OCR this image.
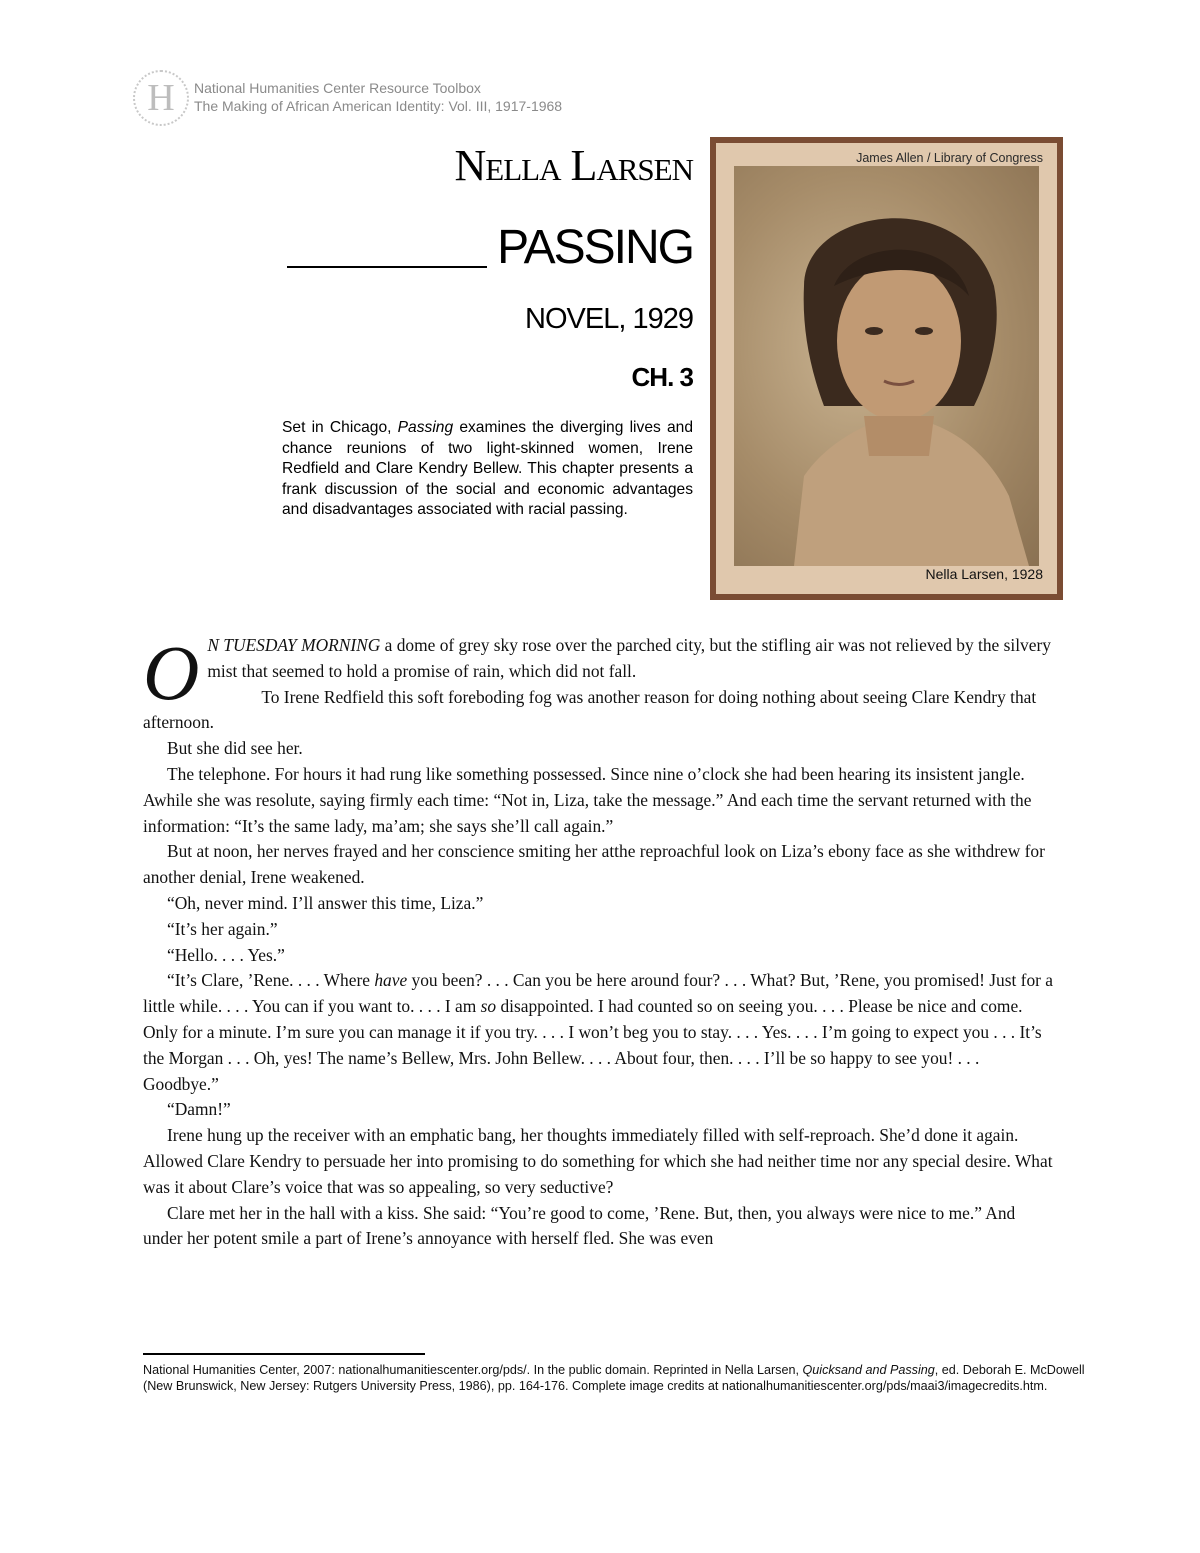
H	National Humanities Center Resource Toolbox
The Making of African American Identity: Vol. III, 1917-1968
Nella Larsen
PASSING
NOVEL, 1929
CH. 3
Set in Chicago, Passing examines the diverging lives and chance reunions of two light-skinned women, Irene Redfield and Clare Kendry Bellew. This chapter presents a frank discussion of the social and economic advantages and disadvantages associated with racial passing.
James Allen / Library of Congress
Nella Larsen, 1928
O N TUESDAY MORNING a dome of grey sky rose over the parched city, but the stifling air was not relieved by the silvery mist that seemed to hold a promise of rain, which did not fall.
To Irene Redfield this soft foreboding fog was another reason for doing nothing about seeing Clare Kendry that afternoon.

But she did see her.

The telephone. For hours it had rung like something possessed. Since nine o’clock she had been hearing its insistent jangle. Awhile she was resolute, saying firmly each time: “Not in, Liza, take the message.” And each time the servant returned with the information: “It’s the same lady, ma’am; she says she’ll call again.”

But at noon, her nerves frayed and her conscience smiting her atthe reproachful look on Liza’s ebony face as she withdrew for another denial, Irene weakened.

“Oh, never mind. I’ll answer this time, Liza.”

“It’s her again.”

“Hello. . . . Yes.”

“It’s Clare, ’Rene. . . . Where have you been? . . . Can you be here around four? . . . What? But, ’Rene, you promised! Just for a little while. . . . You can if you want to. . . . I am so disappointed. I had counted so on seeing you. . . . Please be nice and come. Only for a minute. I’m sure you can manage it if you try. . . . I won’t beg you to stay. . . . Yes. . . . I’m going to expect you . . . It’s the Morgan . . . Oh, yes! The name’s Bellew, Mrs. John Bellew. . . . About four, then. . . . I’ll be so happy to see you! . . . Goodbye.”

“Damn!”

Irene hung up the receiver with an emphatic bang, her thoughts immediately filled with self-reproach. She’d done it again. Allowed Clare Kendry to persuade her into promising to do something for which she had neither time nor any special desire. What was it about Clare’s voice that was so appealing, so very seductive?

Clare met her in the hall with a kiss. She said: “You’re good to come, ’Rene. But, then, you always were nice to me.” And under her potent smile a part of Irene’s annoyance with herself fled. She was even

National Humanities Center, 2007: nationalhumanitiescenter.org/pds/. In the public domain. Reprinted in Nella Larsen, Quicksand and Passing, ed. Deborah E. McDowell (New Brunswick, New Jersey: Rutgers University Press, 1986), pp. 164-176. Complete image credits at nationalhumanitiescenter.org/pds/maai3/imagecredits.htm.
